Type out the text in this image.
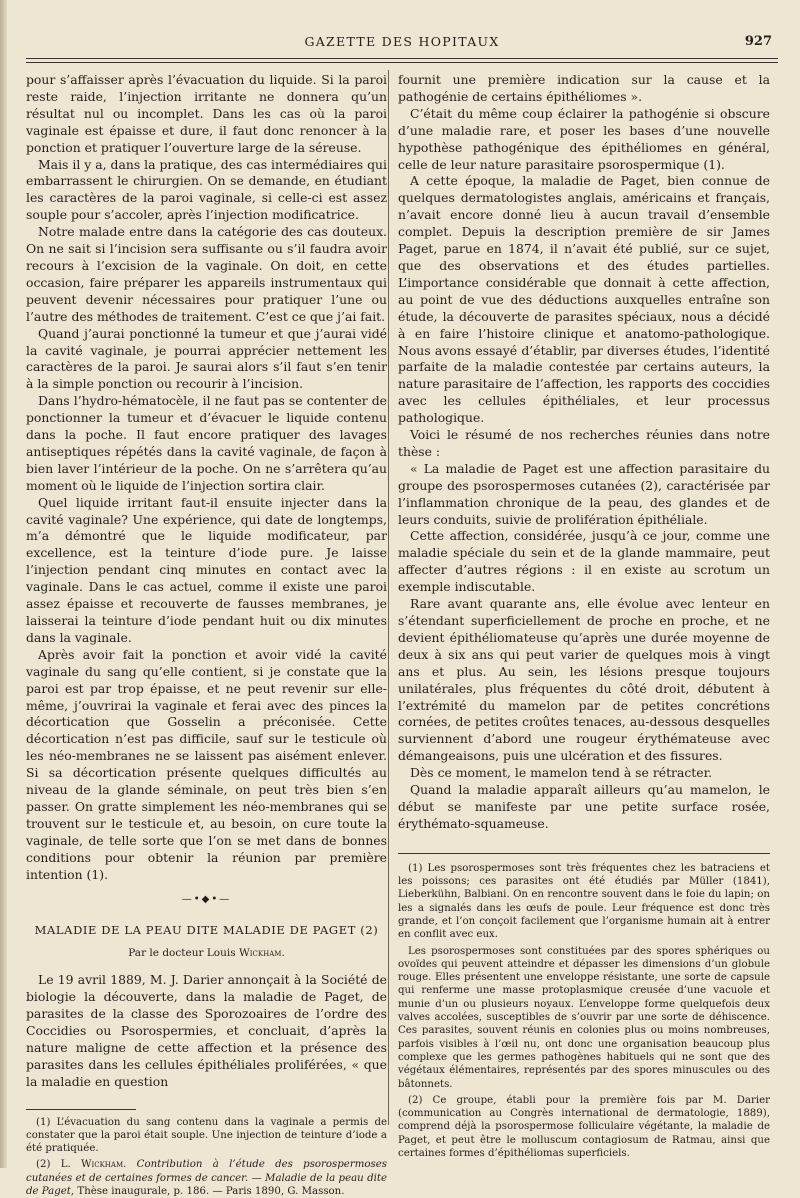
GAZETTE DES HOPITAUX	927

pour s’affaisser après l’évacuation du liquide. Si la paroi reste raide, l’injection irritante ne donnera qu’un résultat nul ou incomplet. Dans les cas où la paroi vaginale est épaisse et dure, il faut donc renoncer à la ponction et pratiquer l’ouverture large de la séreuse.

Mais il y a, dans la pratique, des cas intermédiaires qui embarrassent le chirurgien. On se demande, en étudiant les caractères de la paroi vaginale, si celle-ci est assez souple pour s’accoler, après l’injection modificatrice.

Notre malade entre dans la catégorie des cas douteux. On ne sait si l’incision sera suffisante ou s’il faudra avoir recours à l’excision de la vaginale. On doit, en cette occasion, faire préparer les appareils instrumentaux qui peuvent devenir nécessaires pour pratiquer l’une ou l’autre des méthodes de traitement. C’est ce que j’ai fait.

Quand j’aurai ponctionné la tumeur et que j’aurai vidé la cavité vaginale, je pourrai apprécier nettement les caractères de la paroi. Je saurai alors s’il faut s’en tenir à la simple ponction ou recourir à l’incision.

Dans l’hydro-hématocèle, il ne faut pas se contenter de ponctionner la tumeur et d’évacuer le liquide contenu dans la poche. Il faut encore pratiquer des lavages antiseptiques répétés dans la cavité vaginale, de façon à bien laver l’intérieur de la poche. On ne s’arrêtera qu’au moment où le liquide de l’injection sortira clair.

Quel liquide irritant faut-il ensuite injecter dans la cavité vaginale? Une expérience, qui date de longtemps, m’a démontré que le liquide modificateur, par excellence, est la teinture d’iode pure. Je laisse l’injection pendant cinq minutes en contact avec la vaginale. Dans le cas actuel, comme il existe une paroi assez épaisse et recouverte de fausses membranes, je laisserai la teinture d’iode pendant huit ou dix minutes dans la vaginale.

Après avoir fait la ponction et avoir vidé la cavité vaginale du sang qu’elle contient, si je constate que la paroi est par trop épaisse, et ne peut revenir sur elle-même, j’ouvrirai la vaginale et ferai avec des pinces la décortication que Gosselin a préconisée. Cette décortication n’est pas difficile, sauf sur le testicule où les néo-membranes ne se laissent pas aisément enlever. Si sa décortication présente quelques difficultés au niveau de la glande séminale, on peut très bien s’en passer. On gratte simplement les néo-membranes qui se trouvent sur le testicule et, au besoin, on cure toute la vaginale, de telle sorte que l’on se met dans de bonnes conditions pour obtenir la réunion par première intention (1).

—•◆•—
MALADIE DE LA PEAU DITE MALADIE DE PAGET (2)
Par le docteur Louis Wickham.

Le 19 avril 1889, M. J. Darier annonçait à la Société de biologie la découverte, dans la maladie de Paget, de parasites de la classe des Sporozoaires de l’ordre des Coccidies ou Psorospermies, et concluait, d’après la nature maligne de cette affection et la présence des parasites dans les cellules épithéliales proliférées, « que la maladie en question

(1) L’évacuation du sang contenu dans la vaginale a permis de constater que la paroi était souple. Une injection de teinture d’iode a été pratiquée.

(2) L. Wickham. Contribution à l’étude des psorospermoses cutanées et de certaines formes de cancer. — Maladie de la peau dite de Paget, Thèse inaugurale, p. 186. — Paris 1890, G. Masson.

fournit une première indication sur la cause et la pathogénie de certains épithéliomes ».

C’était du même coup éclairer la pathogénie si obscure d’une maladie rare, et poser les bases d’une nouvelle hypothèse pathogénique des épithéliomes en général, celle de leur nature parasitaire psorospermique (1).

A cette époque, la maladie de Paget, bien connue de quelques dermatologistes anglais, américains et français, n’avait encore donné lieu à aucun travail d’ensemble complet. Depuis la description première de sir James Paget, parue en 1874, il n’avait été publié, sur ce sujet, que des observations et des études partielles. L’importance considérable que donnait à cette affection, au point de vue des déductions auxquelles entraîne son étude, la découverte de parasites spéciaux, nous a décidé à en faire l’histoire clinique et anatomo-pathologique. Nous avons essayé d’établir, par diverses études, l’identité parfaite de la maladie contestée par certains auteurs, la nature parasitaire de l’affection, les rapports des coccidies avec les cellules épithéliales, et leur processus pathologique.

Voici le résumé de nos recherches réunies dans notre thèse :

« La maladie de Paget est une affection parasitaire du groupe des psorospermoses cutanées (2), caractérisée par l’inflammation chronique de la peau, des glandes et de leurs conduits, suivie de prolifération épithéliale.

Cette affection, considérée, jusqu’à ce jour, comme une maladie spéciale du sein et de la glande mammaire, peut affecter d’autres régions : il en existe au scrotum un exemple indiscutable.

Rare avant quarante ans, elle évolue avec lenteur en s’étendant superficiellement de proche en proche, et ne devient épithéliomateuse qu’après une durée moyenne de deux à six ans qui peut varier de quelques mois à vingt ans et plus. Au sein, les lésions presque toujours unilatérales, plus fréquentes du côté droit, débutent à l’extrémité du mamelon par de petites concrétions cornées, de petites croûtes tenaces, au-dessous desquelles surviennent d’abord une rougeur érythémateuse avec démangeaisons, puis une ulcération et des fissures.

Dès ce moment, le mamelon tend à se rétracter.

Quand la maladie apparaît ailleurs qu’au mamelon, le début se manifeste par une petite surface rosée, érythémato-squameuse.

(1) Les psorospermoses sont très fréquentes chez les batraciens et les poissons; ces parasites ont été étudiés par Müller (1841), Lieberkühn, Balbiani. On en rencontre souvent dans le foie du lapin; on les a signalés dans les œufs de poule. Leur fréquence est donc très grande, et l’on conçoit facilement que l’organisme humain ait à entrer en conflit avec eux.

Les psorospermoses sont constituées par des spores sphériques ou ovoïdes qui peuvent atteindre et dépasser les dimensions d’un globule rouge. Elles présentent une enveloppe résistante, une sorte de capsule qui renferme une masse protoplasmique creusée d’une vacuole et munie d’un ou plusieurs noyaux. L’enveloppe forme quelquefois deux valves accolées, susceptibles de s’ouvrir par une sorte de déhiscence. Ces parasites, souvent réunis en colonies plus ou moins nombreuses, parfois visibles à l’œil nu, ont donc une organisation beaucoup plus complexe que les germes pathogènes habituels qui ne sont que des végétaux élémentaires, représentés par des spores minuscules ou des bâtonnets.

(2) Ce groupe, établi pour la première fois par M. Darier (communication au Congrès international de dermatologie, 1889), comprend déjà la psorospermose folliculaire végétante, la maladie de Paget, et peut être le molluscum contagiosum de Ratmau, ainsi que certaines formes d’épithéliomas superficiels.
